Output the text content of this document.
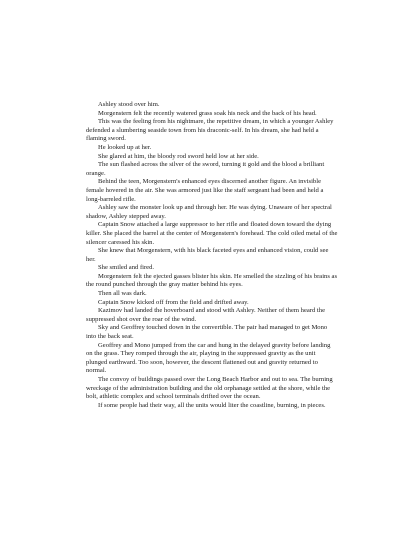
Ashley stood over him.

Morgenstern felt the recently watered grass soak his neck and the back of his head.

This was the feeling from his nightmare, the repetitive dream, in which a younger Ashley defended a slumbering seaside town from his draconic-self. In his dream, she had held a flaming sword.

He looked up at her.

She glared at him, the bloody rod sword held low at her side.

The sun flashed across the silver of the sword, turning it gold and the blood a brilliant orange.

Behind the teen, Morgenstern's enhanced eyes discerned another figure. An invisible female hovered in the air. She was armored just like the staff sergeant had been and held a long-barreled rifle.

Ashley saw the monster look up and through her. He was dying. Unaware of her spectral shadow, Ashley stepped away.

Captain Snow attached a large suppressor to her rifle and floated down toward the dying killer. She placed the barrel at the center of Morgenstern's forehead. The cold oiled metal of the silencer caressed his skin.

She knew that Morgenstern, with his black faceted eyes and enhanced vision, could see her.

She smiled and fired.

Morgenstern felt the ejected gasses blister his skin. He smelled the sizzling of his brains as the round punched through the gray matter behind his eyes.

Then all was dark.

Captain Snow kicked off from the field and drifted away.

Kazimov had landed the hoverboard and stood with Ashley. Neither of them heard the suppressed shot over the roar of the wind.

Sky and Geoffrey touched down in the convertible. The pair had managed to get Mono into the back seat.

Geoffrey and Mono jumped from the car and hung in the delayed gravity before landing on the grass. They romped through the air, playing in the suppressed gravity as the unit plunged earthward. Too soon, however, the descent flattened out and gravity returned to normal.

The convoy of buildings passed over the Long Beach Harbor and out to sea. The burning wreckage of the administration building and the old orphanage settled at the shore, while the bolt, athletic complex and school terminals drifted over the ocean.

If some people had their way, all the units would liter the coastline, burning, in pieces.
